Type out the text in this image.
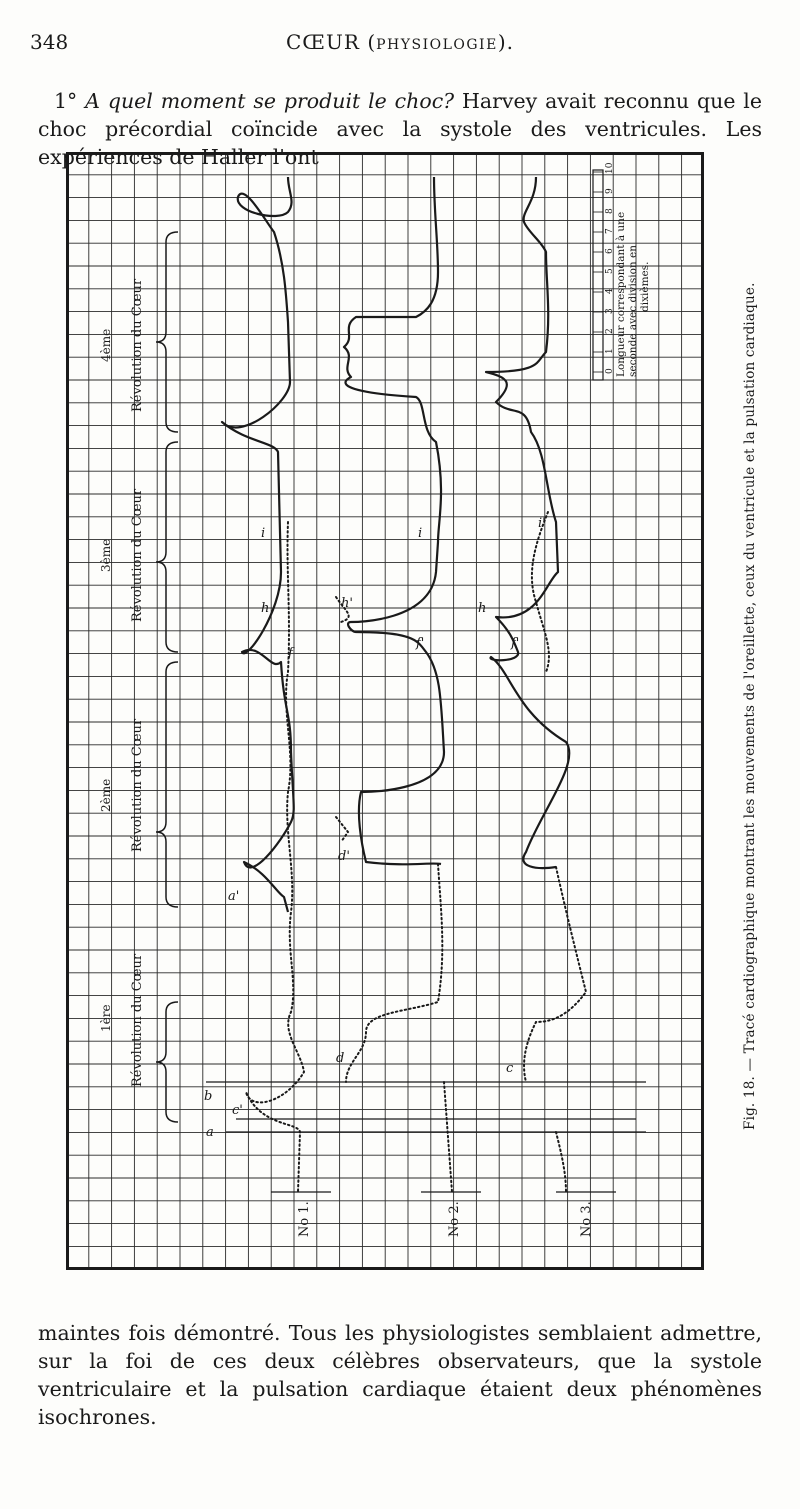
348	CŒUR (PHYSIOLOGIE).

1° A quel moment se produit le choc? Harvey avait reconnu que le choc précordial coïncide avec la systole des ventricules. Les expériences de Haller l'ont

Révolution du Cœur
1ère
Révolution du Cœur
2ème
Révolution du Cœur
3ème
Révolution du Cœur
4ème
No 1.	No 2.	No 3.
a
b
c'
a'
d
d'
c
f
h
i
h'
i
f'
h
f'
i'
0
1
2
3
4
5
6
7
8
9
10
Longueur correspondant à une seconde avec division en dixièmes.	Fig. 18. — Tracé cardiographique montrant les mouvements de l'oreillette, ceux du ventricule et la pulsation cardiaque.

maintes fois démontré. Tous les physiologistes semblaient admettre, sur la foi de ces deux célèbres observateurs, que la systole ventriculaire et la pulsation cardiaque étaient deux phénomènes isochrones.
